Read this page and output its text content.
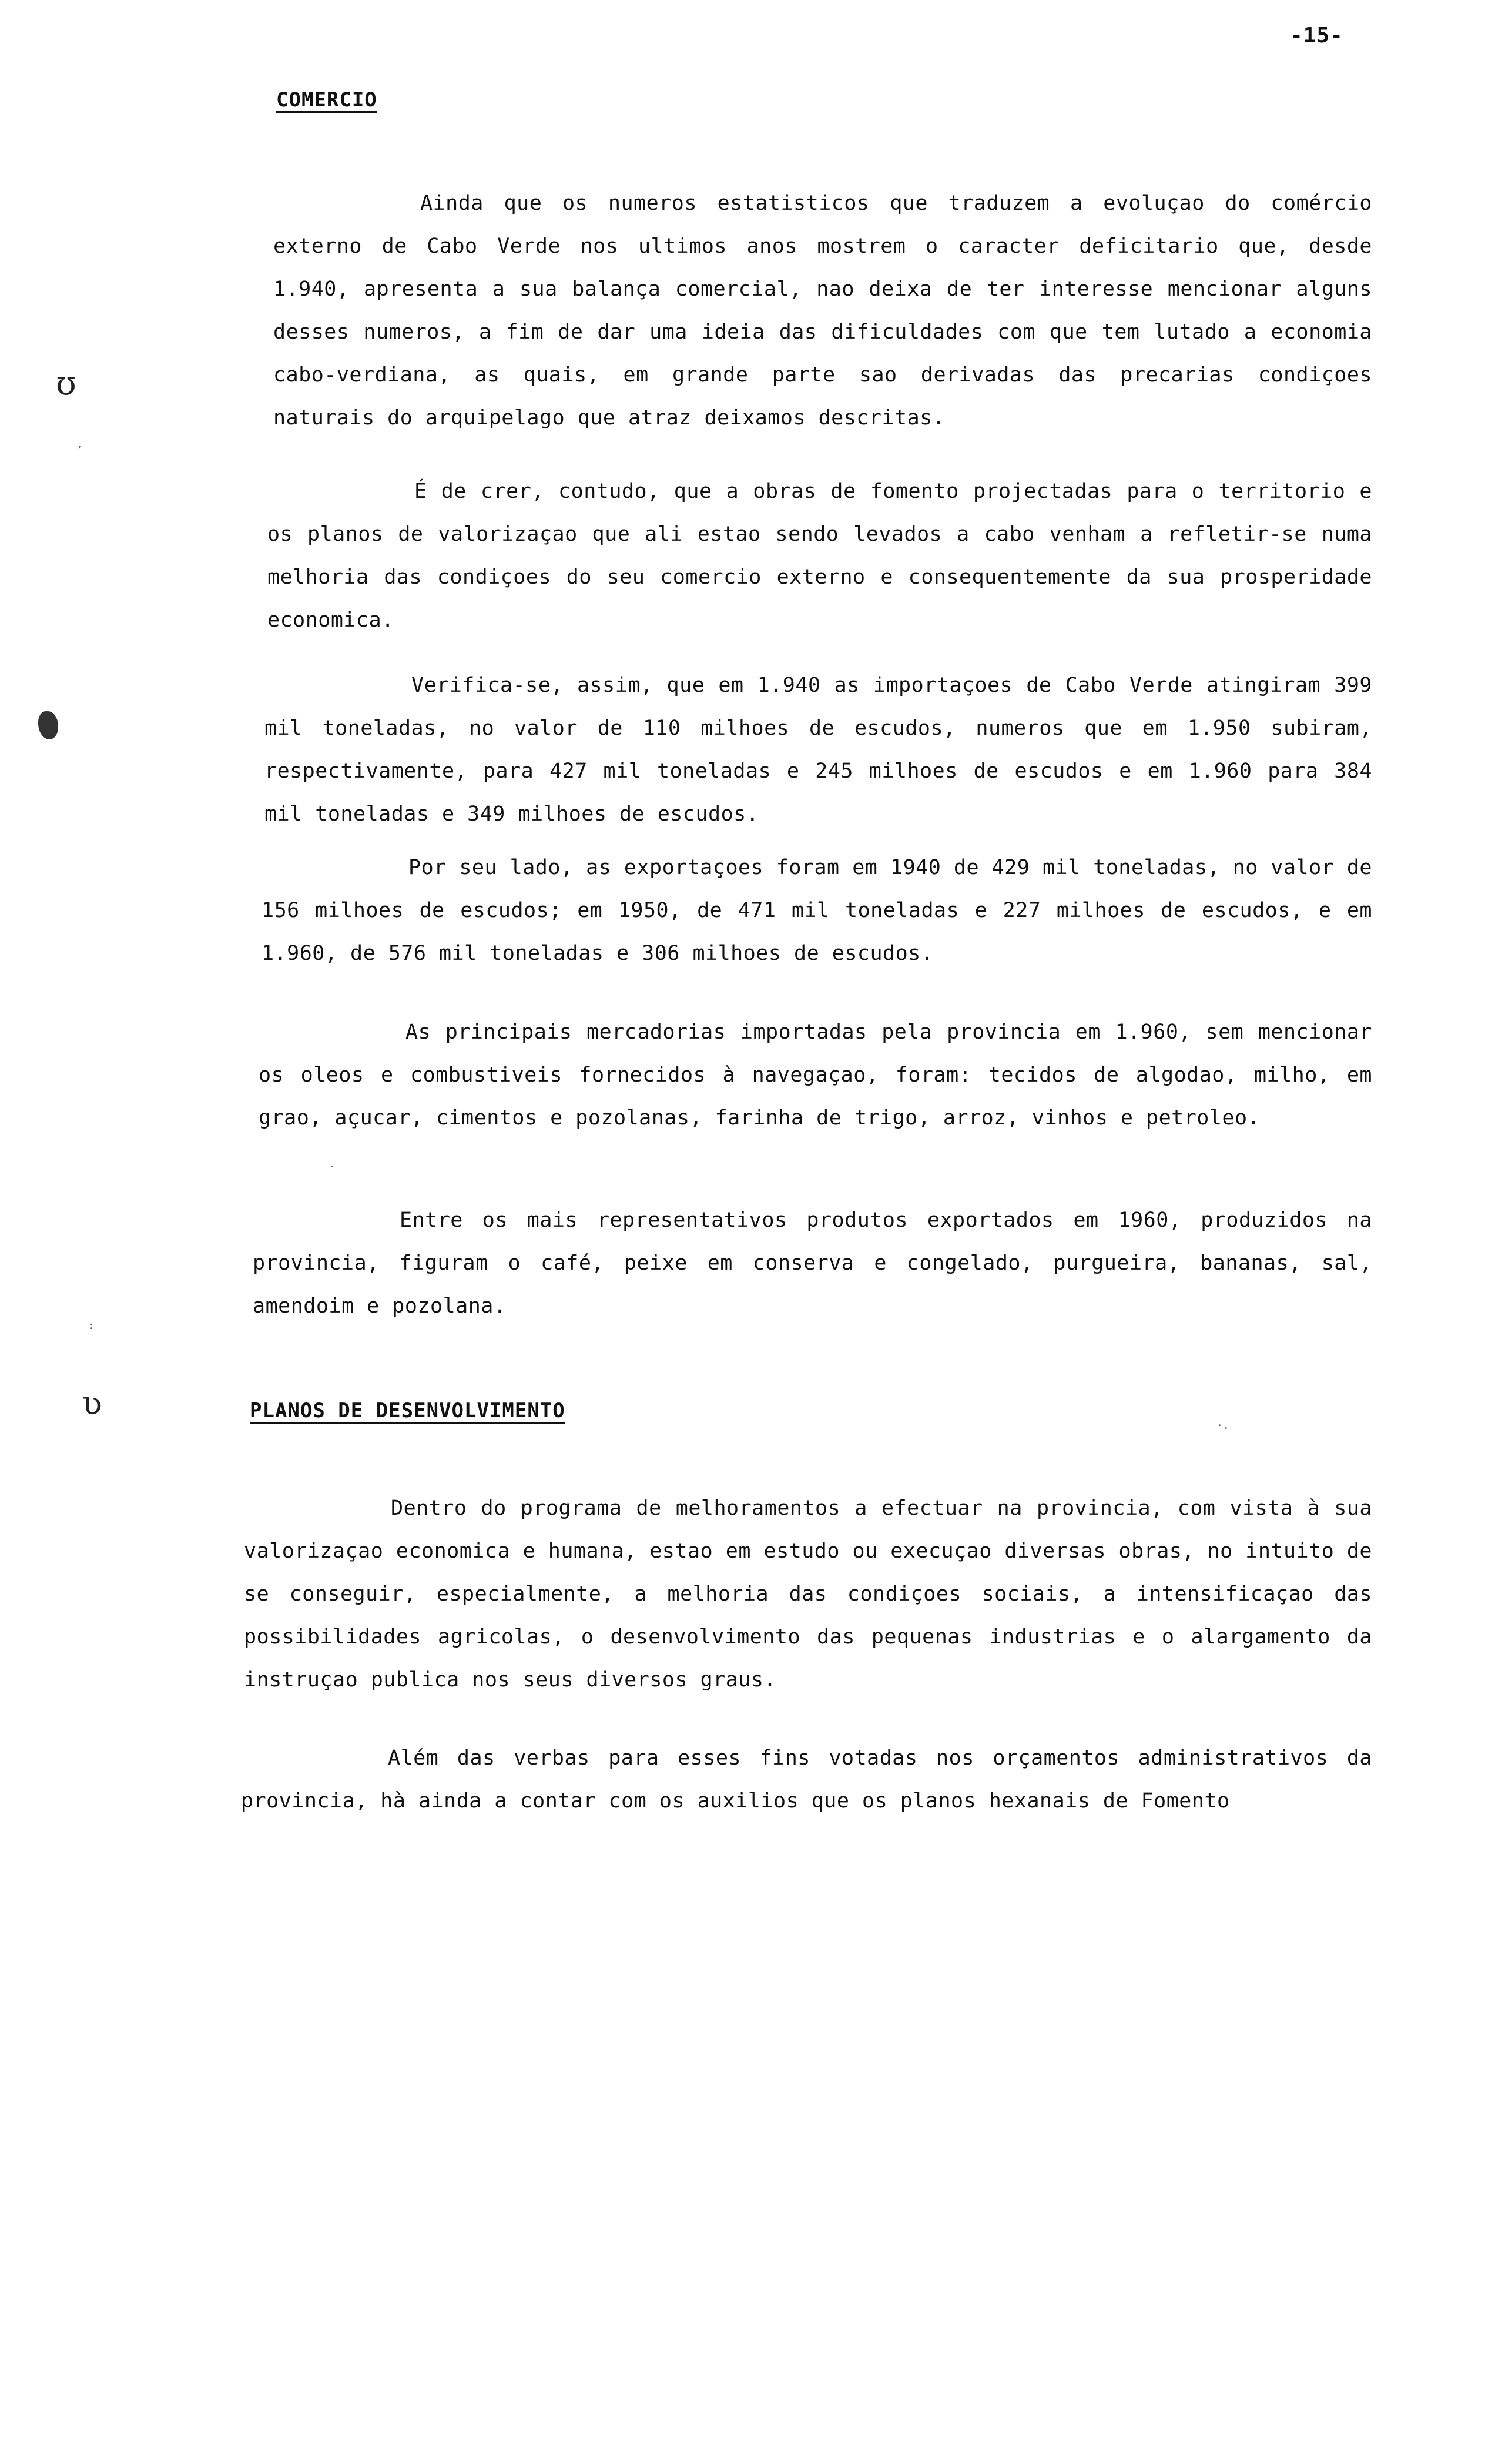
-15-
COMERCIO

Ainda que os numeros estatisticos que traduzem a evoluçao do comércio externo de Cabo Verde nos ultimos anos mostrem o caracter deficitario que, desde 1.940, apresenta a sua balança comercial, nao deixa de ter interesse mencionar alguns desses numeros, a fim de dar uma ideia das dificuldades com que tem lutado a economia cabo-verdiana, as quais, em grande parte sao derivadas das precarias condiçoes naturais do arquipelago que atraz deixamos descritas.

É de crer, contudo, que a obras de fomento projectadas para o territorio e os planos de valorizaçao que ali estao sendo levados a cabo venham a refletir-se numa melhoria das condiçoes do seu comercio externo e consequentemente da sua prosperidade economica.

Verifica-se, assim, que em 1.940 as importaçoes de Cabo Verde atingiram 399 mil toneladas, no valor de 110 milhoes de escudos, numeros que em 1.950 subiram, respectivamente, para 427 mil toneladas e 245 milhoes de escudos e em 1.960 para 384 mil toneladas e 349 milhoes de escudos.

Por seu lado, as exportaçoes foram em 1940 de 429 mil toneladas, no valor de 156 milhoes de escudos; em 1950, de 471 mil toneladas e 227 milhoes de escudos, e em 1.960, de 576 mil toneladas e 306 milhoes de escudos.

As principais mercadorias importadas pela provincia em 1.960, sem mencionar os oleos e combustiveis fornecidos à navegaçao, foram: tecidos de algodao, milho, em grao, açucar, cimentos e pozolanas, farinha de trigo, arroz, vinhos e petroleo.

Entre os mais representativos produtos exportados em 1960, produzidos na provincia, figuram o café, peixe em conserva e congelado, purgueira, bananas, sal, amendoim e pozolana.

PLANOS DE DESENVOLVIMENTO

Dentro do programa de melhoramentos a efectuar na provincia, com vista à sua valorizaçao economica e humana, estao em estudo ou execuçao diversas obras, no intuito de se conseguir, especialmente, a melhoria das condiçoes sociais, a intensificaçao das possibilidades agricolas, o desenvolvimento das pequenas industrias e o alargamento da instruçao publica nos seus diversos graus.

Além das verbas para esses fins votadas nos orçamentos administrativos da provincia, hà ainda a contar com os auxilios que os planos hexanais de Fomento

ʊ
ʋ
‚
:
·.
·
